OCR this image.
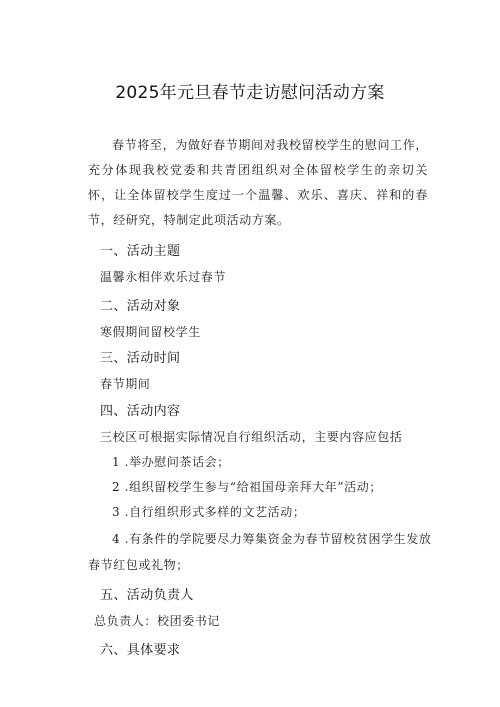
2025年元旦春节走访慰问活动方案
春节将至，为做好春节期间对我校留校学生的慰问工作，充分体现我校党委和共青团组织对全体留校学生的亲切关怀，让全体留校学生度过一个温馨、欢乐、喜庆、祥和的春节，经研究，特制定此项活动方案。
一、活动主题
温馨永相伴欢乐过春节
二、活动对象
寒假期间留校学生
三、活动时间
春节期间
四、活动内容
三校区可根据实际情况自行组织活动，主要内容应包括
1 .举办慰问茶话会；
2 .组织留校学生参与“给祖国母亲拜大年”活动；
3 .自行组织形式多样的文艺活动；
4 .有条件的学院要尽力筹集资金为春节留校贫困学生发放
春节红包或礼物；
五、活动负责人
总负责人：校团委书记
六、具体要求
